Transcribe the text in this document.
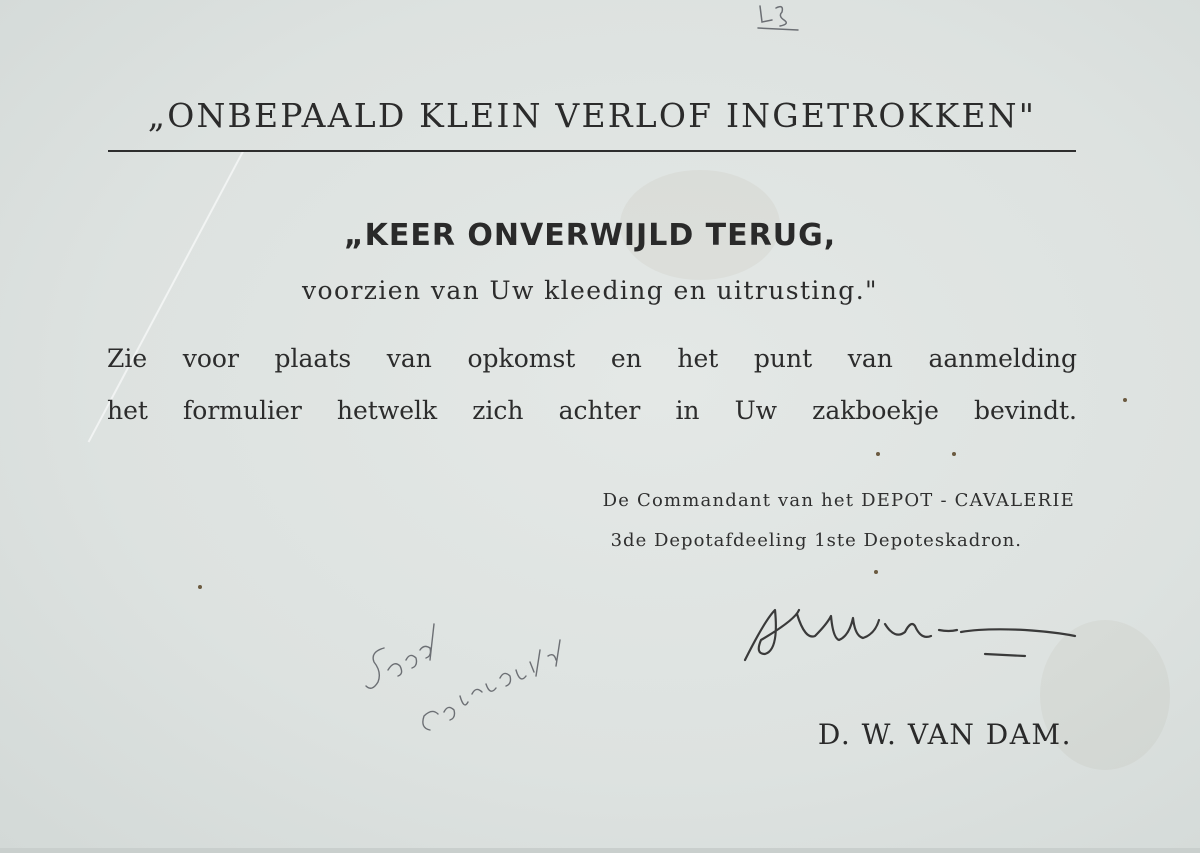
„ONBEPAALD KLEIN VERLOF INGETROKKEN"
„KEER ONVERWIJLD TERUG,
voorzien van Uw kleeding en uitrusting."
Zie voor plaats van opkomst en het punt van aanmelding
het formulier hetwelk zich achter in Uw zakboekje bevindt.
De Commandant van het DEPOT - CAVALERIE
3de Depotafdeeling 1ste Depoteskadron.
D. W. VAN DAM.
